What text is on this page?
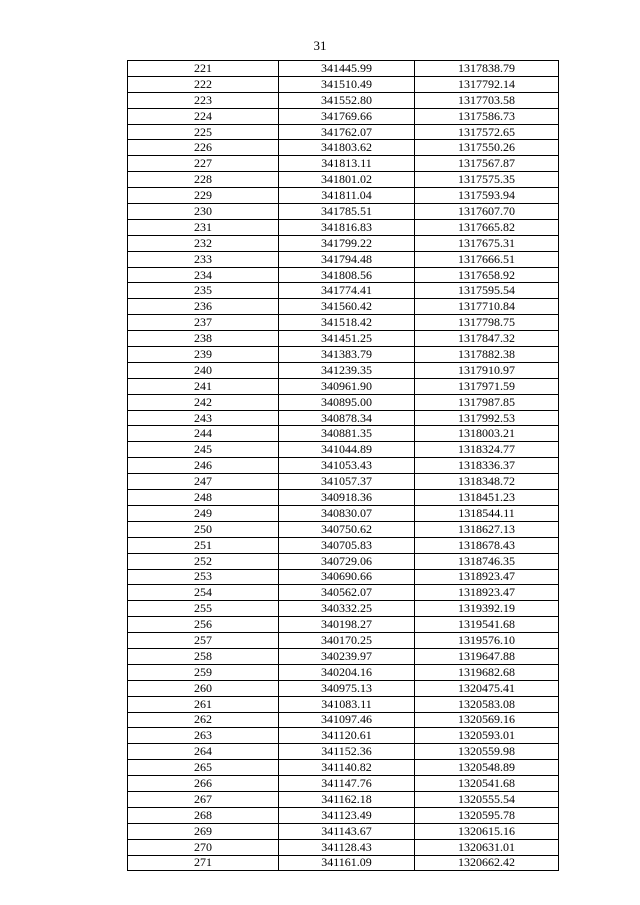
31
221	341445.99	1317838.79
222	341510.49	1317792.14
223	341552.80	1317703.58
224	341769.66	1317586.73
225	341762.07	1317572.65
226	341803.62	1317550.26
227	341813.11	1317567.87
228	341801.02	1317575.35
229	341811.04	1317593.94
230	341785.51	1317607.70
231	341816.83	1317665.82
232	341799.22	1317675.31
233	341794.48	1317666.51
234	341808.56	1317658.92
235	341774.41	1317595.54
236	341560.42	1317710.84
237	341518.42	1317798.75
238	341451.25	1317847.32
239	341383.79	1317882.38
240	341239.35	1317910.97
241	340961.90	1317971.59
242	340895.00	1317987.85
243	340878.34	1317992.53
244	340881.35	1318003.21
245	341044.89	1318324.77
246	341053.43	1318336.37
247	341057.37	1318348.72
248	340918.36	1318451.23
249	340830.07	1318544.11
250	340750.62	1318627.13
251	340705.83	1318678.43
252	340729.06	1318746.35
253	340690.66	1318923.47
254	340562.07	1318923.47
255	340332.25	1319392.19
256	340198.27	1319541.68
257	340170.25	1319576.10
258	340239.97	1319647.88
259	340204.16	1319682.68
260	340975.13	1320475.41
261	341083.11	1320583.08
262	341097.46	1320569.16
263	341120.61	1320593.01
264	341152.36	1320559.98
265	341140.82	1320548.89
266	341147.76	1320541.68
267	341162.18	1320555.54
268	341123.49	1320595.78
269	341143.67	1320615.16
270	341128.43	1320631.01
271	341161.09	1320662.42
